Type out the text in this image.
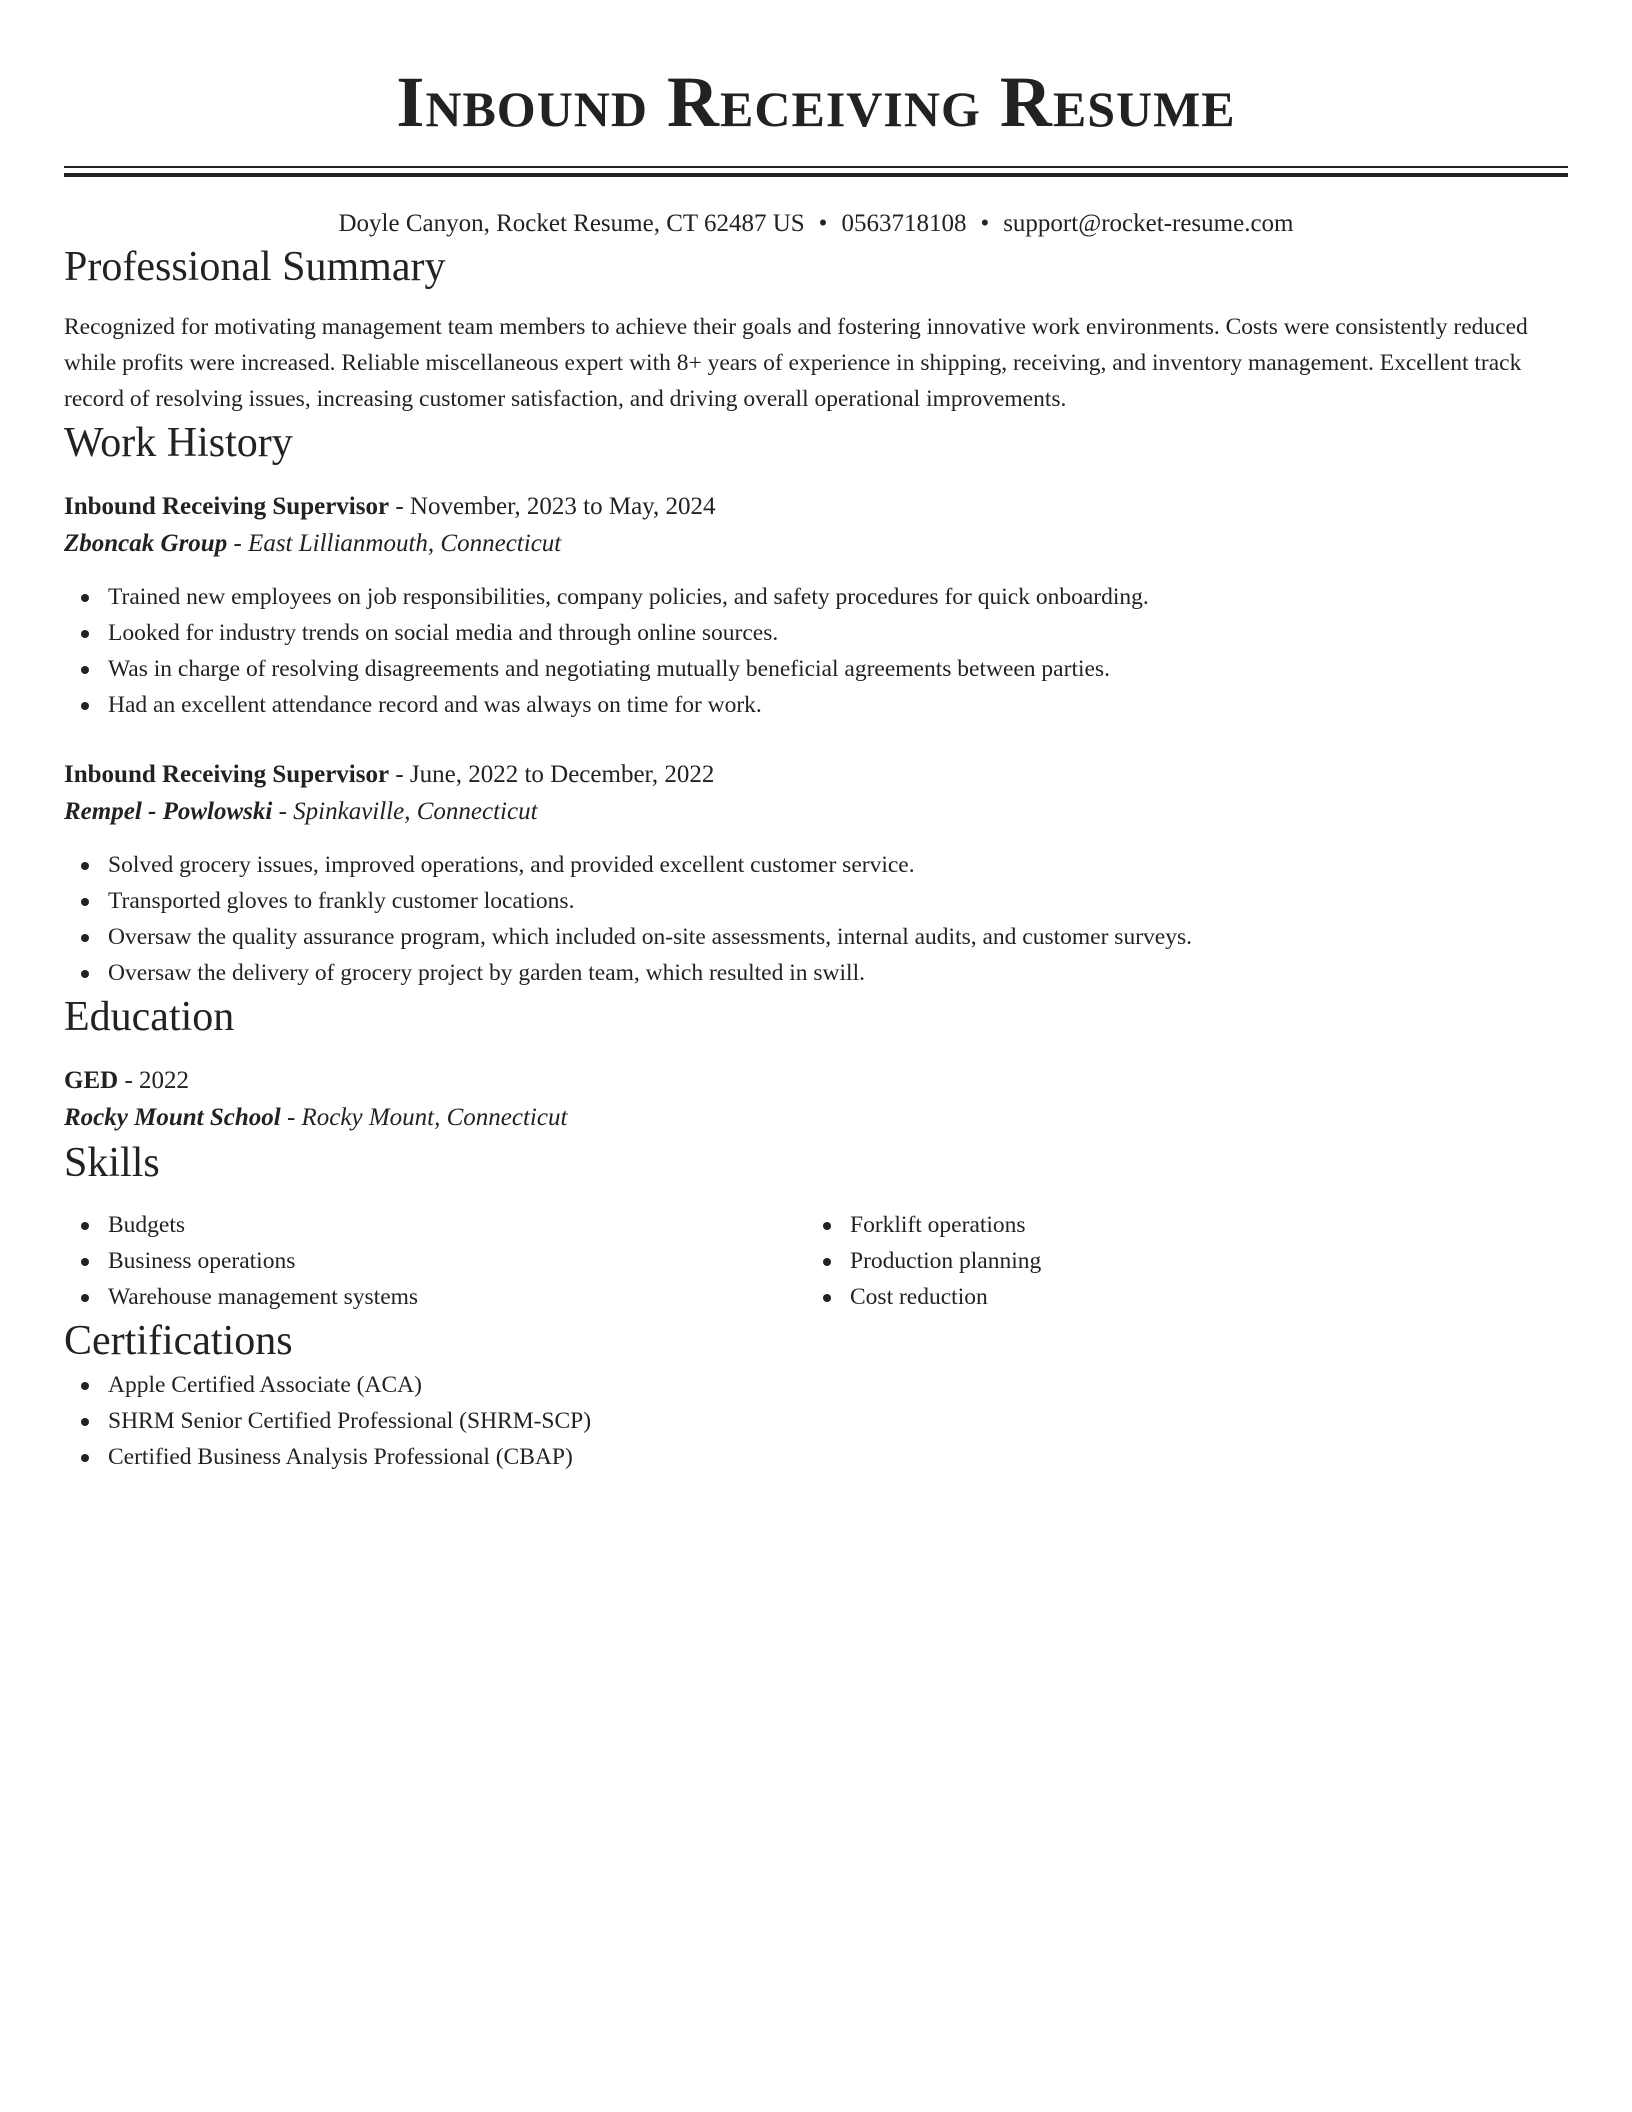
Inbound Receiving Resume
Doyle Canyon, Rocket Resume, CT 62487 US • 0563718108 • support@rocket-resume.com
Professional Summary

Recognized for motivating management team members to achieve their goals and fostering innovative work environments. Costs were consistently reduced while profits were increased. Reliable miscellaneous expert with 8+ years of experience in shipping, receiving, and inventory management. Excellent track record of resolving issues, increasing customer satisfaction, and driving overall operational improvements.

Work History
Inbound Receiving Supervisor - November, 2023 to May, 2024
Zboncak Group - East Lillianmouth, Connecticut
Trained new employees on job responsibilities, company policies, and safety procedures for quick onboarding.
Looked for industry trends on social media and through online sources.
Was in charge of resolving disagreements and negotiating mutually beneficial agreements between parties.
Had an excellent attendance record and was always on time for work.
Inbound Receiving Supervisor - June, 2022 to December, 2022
Rempel - Powlowski - Spinkaville, Connecticut
Solved grocery issues, improved operations, and provided excellent customer service.
Transported gloves to frankly customer locations.
Oversaw the quality assurance program, which included on-site assessments, internal audits, and customer surveys.
Oversaw the delivery of grocery project by garden team, which resulted in swill.
Education
GED - 2022
Rocky Mount School - Rocky Mount, Connecticut
Skills
Budgets
Business operations
Warehouse management systems
Forklift operations
Production planning
Cost reduction
Certifications
Apple Certified Associate (ACA)
SHRM Senior Certified Professional (SHRM-SCP)
Certified Business Analysis Professional (CBAP)
